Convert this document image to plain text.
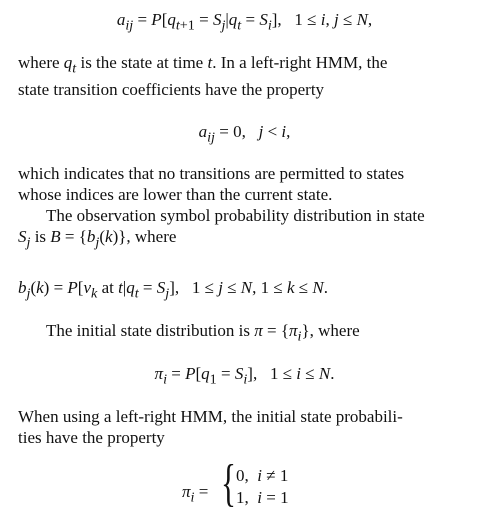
$a_{ij} = P[q_{t+1} = S_j|q_t = S_i]$,   1 ≤ i, j ≤ N,
where $q_t$ is the state at time t. In a left-right HMM, the
state transition coefficients have the property
$a_{ij} = 0$,   j < i,
which indicates that no transitions are permitted to states
whose indices are lower than the current state.
The observation symbol probability distribution in state
$S_j$ is $B = \{b_j(k)\}$, where
$b_j(k) = P[v_k$ at $t|q_t = S_j$],   1 ≤ j ≤ N, 1 ≤ k ≤ N.
The initial state distribution is $\pi = \{\pi_i\}$, where
$\pi_i = P[q_1 = S_i]$,   1 ≤ i ≤ N.
When using a left-right HMM, the initial state probabili-
ties have the property
$\pi_i$ = { 0,  i ≠ 1
1,  i = 1
